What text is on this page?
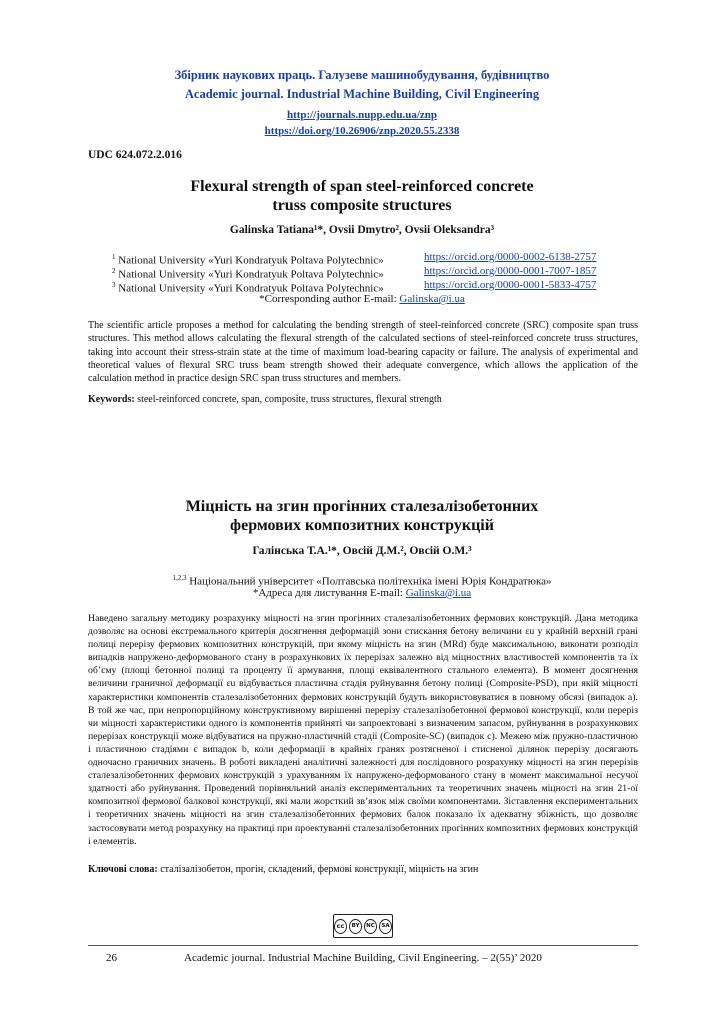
Збірник наукових праць. Галузеве машинобудування, будівництво
Academic journal. Industrial Machine Building, Civil Engineering
http://journals.nupp.edu.ua/znp
https://doi.org/10.26906/znp.2020.55.2338
UDC 624.072.2.016
Flexural strength of span steel-reinforced concrete
truss composite structures
Galinska Tatiana¹*, Ovsii Dmytro², Ovsii Oleksandra³
$^1$ National University «Yuri Kondratyuk Poltava Polytechnic»	https://orcid.org/0000-0002-6138-2757
$^2$ National University «Yuri Kondratyuk Poltava Polytechnic»	https://orcid.org/0000-0001-7007-1857
$^3$ National University «Yuri Kondratyuk Poltava Polytechnic»	https://orcid.org/0000-0001-5833-4757
*Corresponding author E-mail: Galinska@i.ua
The scientific article proposes a method for calculating the bending strength of steel-reinforced concrete (SRC) composite span truss structures. This method allows calculating the flexural strength of the calculated sections of steel-reinforced concrete truss structures, taking into account their stress-strain state at the time of maximum load-bearing capacity or failure. The analysis of experimental and theoretical values of flexural SRC truss beam strength showed their adequate convergence, which allows the application of the calculation method in practice design SRC span truss structures and members.
Keywords: steel-reinforced concrete, span, composite, truss structures, flexural strength
Міцність на згин прогінних сталезалізобетонних
фермових композитних конструкцій
Галінська Т.А.¹*, Овсій Д.М.², Овсій О.М.³
$^{1,2,3}$ Національний університет «Полтавська політехніка імені Юрія Кондратюка»
*Адреса для листування E-mail: Galinska@i.ua
Наведено загальну методику розрахунку міцності на згин прогінних сталезалізобетонних фермових конструкцій. Дана методика дозволяє на основі екстремального критерія досягнення деформацій зони стискання бетону величини εu у крайній верхній грані полиці перерізу фермових композитних конструкцій, при якому міцність на згин (MRd) буде максимальною, виконати розподіл випадків напружено-деформованого стану в розрахункових їх перерізах залежно від міцностних властивостей компонентів та їх об’єму (площі бетонної полиці та проценту її армування, площі еквівалентного стального елемента). В момент досягнення величини граничної деформації εu відбувається пластична стадія руйнування бетону полиці (Composite-PSD), при якій міцності характеристики компонентів сталезалізобетонних фермових конструкцій будуть використовуватися в повному обсязі (випадок а). В той же час, при непропорційному конструктивному вирішенні перерізу сталезалізобетонної фермової конструкції, коли переріз чи міцності характеристики одного із компонентів прийняті чи запроектовані з визначеним запасом, руйнування в розрахункових перерізах конструкції може відбуватися на пружно-пластичній стадії (Composite-SC) (випадок с). Межею між пружно-пластичною і пластичною стадіями є випадок b, коли деформації в крайніх гранях розтягненої і стисненої ділянок перерізу досягають одночасно граничних значень. В роботі викладені аналітичні залежності для послідовного розрахунку міцності на згин перерізів сталезалізобетонних фермових конструкцій з урахуванням їх напружено-деформованого стану в момент максимальної несучої здатності або руйнування. Проведений порівняльний аналіз експериментальних та теоретичних значень міцності на згин 21-ої композитної фермової балкової конструкції, які мали жорсткий зв’язок між своїми компонентами. Зіставлення експериментальних і теоретичних значень міцності на згин сталезалізобетонних фермових балок показало їх адекватну збіжність, що дозволяє застосовувати метод розрахунку на практиці при проектуванні сталезалізобетонних прогінних композитних фермових конструкцій і елементів.
Ключові слова: сталізалізобетон, прогін, складений, фермові конструкції, міцність на згин
cc	BY	NC	SA
26	Academic journal. Industrial Machine Building, Civil Engineering. – 2(55)’ 2020
